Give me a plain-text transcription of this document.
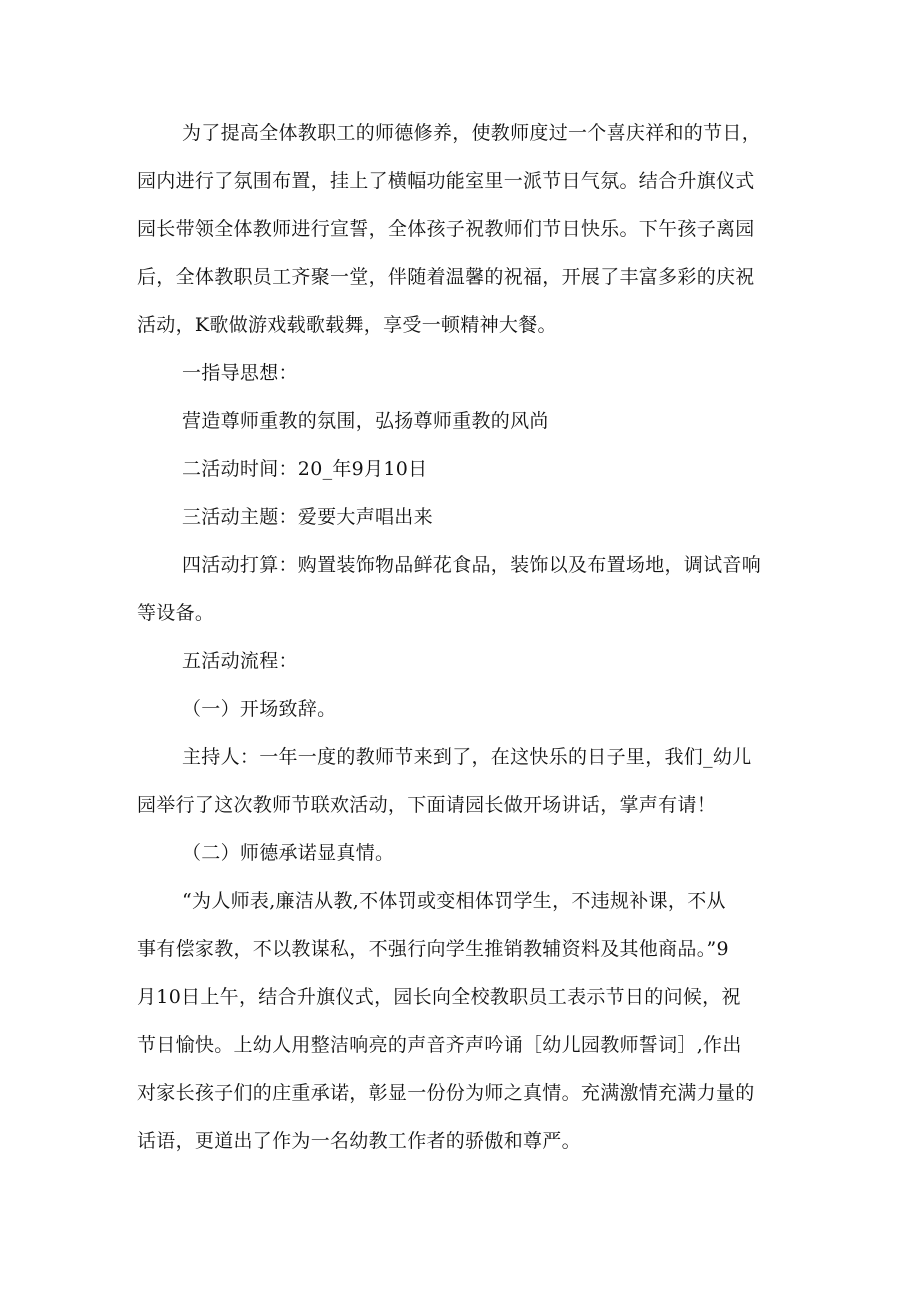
为了提高全体教职工的师德修养，使教师度过一个喜庆祥和的节日，
园内进行了氛围布置，挂上了横幅功能室里一派节日气氛。结合升旗仪式
园长带领全体教师进行宣誓，全体孩子祝教师们节日快乐。下午孩子离园
后，全体教职员工齐聚一堂，伴随着温馨的祝福，开展了丰富多彩的庆祝
活动，K歌做游戏载歌载舞，享受一顿精神大餐。
一指导思想：
营造尊师重教的氛围，弘扬尊师重教的风尚
二活动时间：20_年9月10日
三活动主题：爱要大声唱出来
四活动打算：购置装饰物品鲜花食品，装饰以及布置场地，调试音响
等设备。
五活动流程：
（一）开场致辞。
主持人：一年一度的教师节来到了，在这快乐的日子里，我们_幼儿
园举行了这次教师节联欢活动，下面请园长做开场讲话，掌声有请！
（二）师德承诺显真情。
“为人师表,廉洁从教,不体罚或变相体罚学生，不违规补课，不从
事有偿家教，不以教谋私，不强行向学生推销教辅资料及其他商品。”9
月10日上午，结合升旗仪式，园长向全校教职员工表示节日的问候，祝
节日愉快。上幼人用整洁响亮的声音齐声吟诵［幼儿园教师誓词］,作出
对家长孩子们的庄重承诺，彰显一份份为师之真情。充满激情充满力量的
话语，更道出了作为一名幼教工作者的骄傲和尊严。
